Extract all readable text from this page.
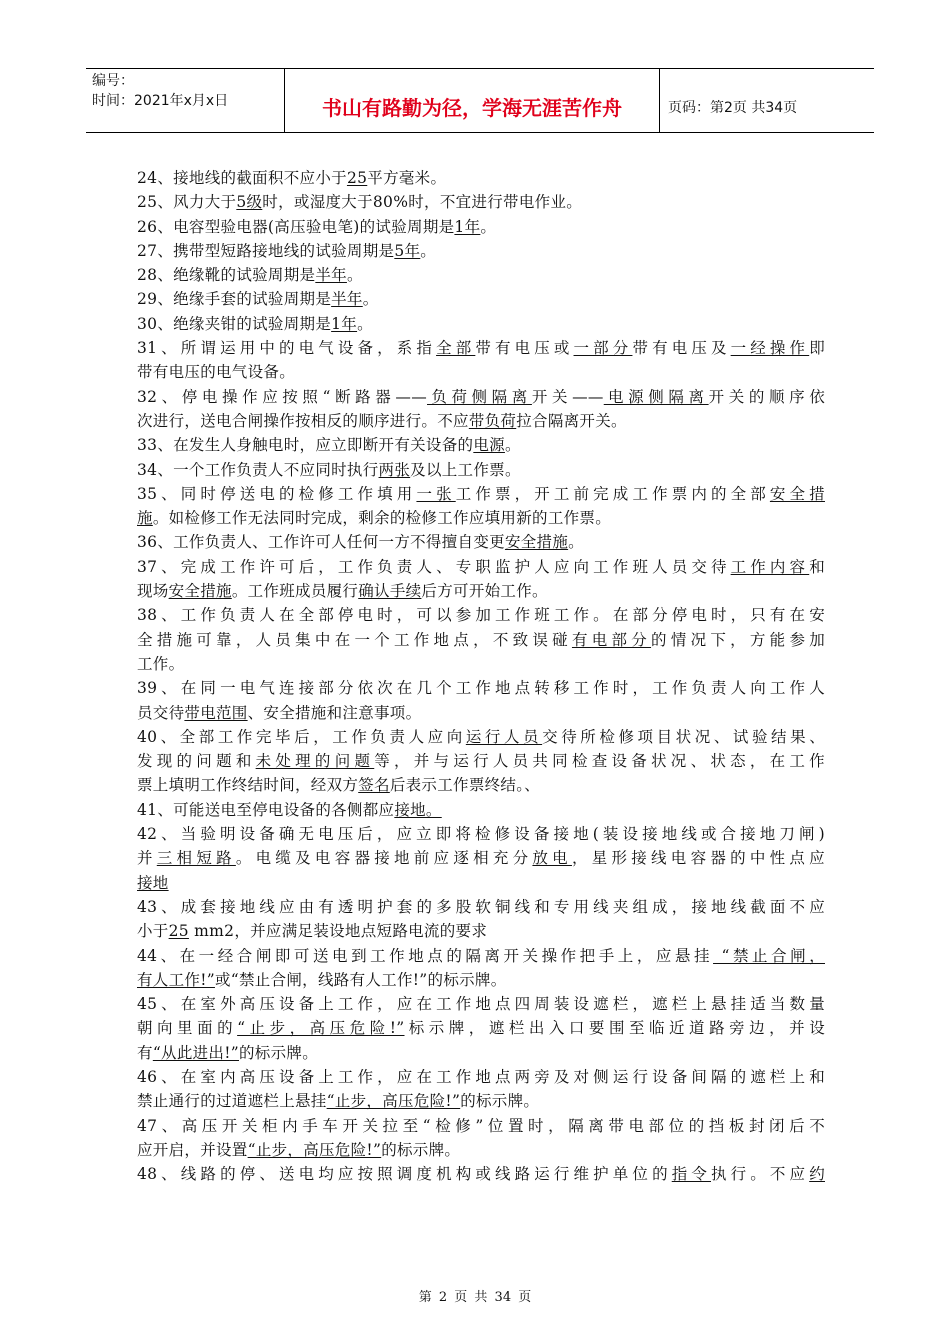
编号：
时间：2021年x月x日	书山有路勤为径，学海无涯苦作舟	页码：第2页 共34页
24、接地线的截面积不应小于25平方毫米。
25、风力大于5级时，或湿度大于80%时，不宜进行带电作业。
26、电容型验电器(高压验电笔)的试验周期是1年。
27、携带型短路接地线的试验周期是5年。
28、绝缘靴的试验周期是半年。
29、绝缘手套的试验周期是半年。
30、绝缘夹钳的试验周期是1年。
31、所谓运用中的电气设备，系指全部带有电压或一部分带有电压及一经操作即
带有电压的电气设备。
32、停电操作应按照“断路器——负荷侧隔离开关——电源侧隔离开关的顺序依
次进行，送电合闸操作按相反的顺序进行。不应带负荷拉合隔离开关。
33、在发生人身触电时，应立即断开有关设备的电源。
34、一个工作负责人不应同时执行两张及以上工作票。
35、同时停送电的检修工作填用一张工作票，开工前完成工作票内的全部安全措
施。如检修工作无法同时完成，剩余的检修工作应填用新的工作票。
36、工作负责人、工作许可人任何一方不得擅自变更安全措施。
37、完成工作许可后，工作负责人、专职监护人应向工作班人员交待工作内容和
现场安全措施。工作班成员履行确认手续后方可开始工作。
38、工作负责人在全部停电时，可以参加工作班工作。在部分停电时，只有在安
全措施可靠，人员集中在一个工作地点，不致误碰有电部分的情况下，方能参加
工作。
39、在同一电气连接部分依次在几个工作地点转移工作时，工作负责人向工作人
员交待带电范围、安全措施和注意事项。
40、全部工作完毕后，工作负责人应向运行人员交待所检修项目状况、试验结果、
发现的问题和未处理的问题等，并与运行人员共同检查设备状况、状态，在工作
票上填明工作终结时间，经双方签名后表示工作票终结。、
41、可能送电至停电设备的各侧都应接地。
42、当验明设备确无电压后，应立即将检修设备接地(装设接地线或合接地刀闸)
并三相短路。电缆及电容器接地前应逐相充分放电，星形接线电容器的中性点应
接地
43、成套接地线应由有透明护套的多股软铜线和专用线夹组成，接地线截面不应
小于25 mm2，并应满足装设地点短路电流的要求
44、在一经合闸即可送电到工作地点的隔离开关操作把手上，应悬挂 “禁止合闸，
有人工作!”或“禁止合闸，线路有人工作!”的标示牌。
45、在室外高压设备上工作，应在工作地点四周装设遮栏，遮栏上悬挂适当数量
朝向里面的“止步，高压危险!”标示牌，遮栏出入口要围至临近道路旁边，并设
有“从此进出!”的标示牌。
46、在室内高压设备上工作，应在工作地点两旁及对侧运行设备间隔的遮栏上和
禁止通行的过道遮栏上悬挂“止步，高压危险!”的标示牌。
47、高压开关柜内手车开关拉至“检修”位置时，隔离带电部位的挡板封闭后不
应开启，并设置“止步，高压危险!”的标示牌。
48、线路的停、送电均应按照调度机构或线路运行维护单位的指令执行。不应约
第 2 页 共 34 页
